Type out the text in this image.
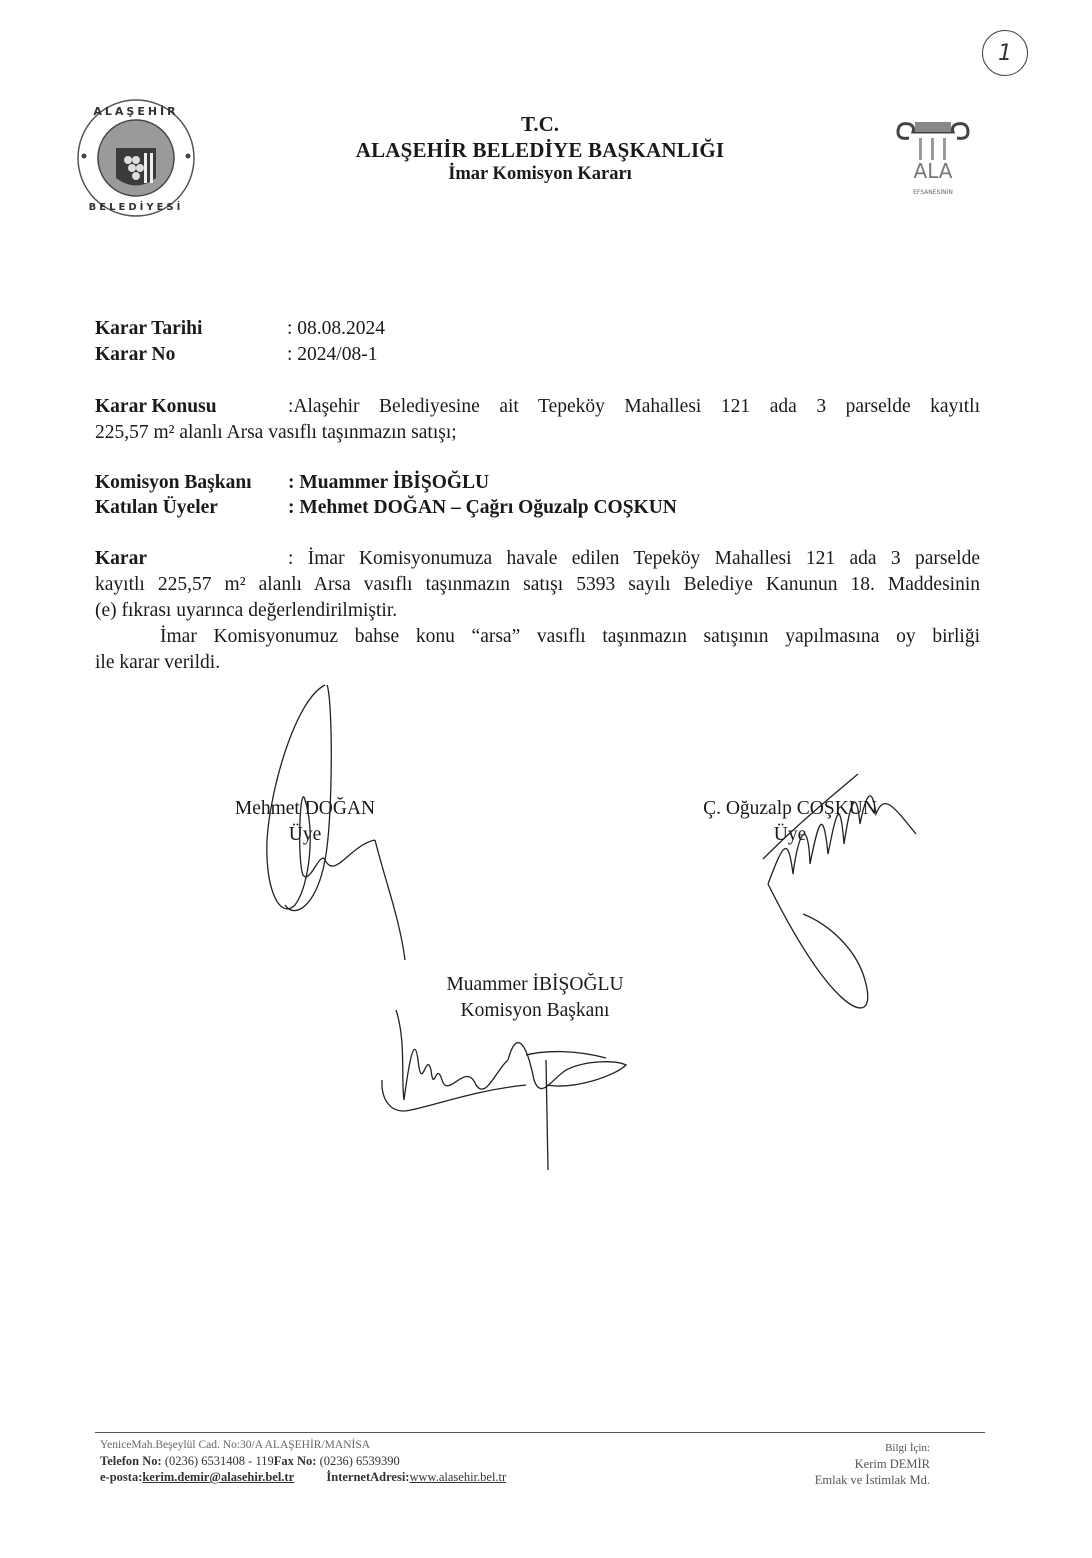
1
ALAŞEHİR
BELEDİYESİ
ALA
EFSANESİNİN
T.C.
ALAŞEHİR BELEDİYE BAŞKANLIĞI
İmar Komisyon Kararı
Karar Tarihi	: 08.08.2024
Karar No	: 2024/08-1
Karar Konusu	:Alaşehir Belediyesine ait Tepeköy Mahallesi 121 ada 3 parselde kayıtlı
225,57 m² alanlı Arsa vasıflı taşınmazın satışı;
Komisyon Başkanı : Muammer İBİŞOĞLU
Katılan Üyeler	: Mehmet DOĞAN – Çağrı Oğuzalp COŞKUN
Karar	: İmar Komisyonumuza havale edilen Tepeköy Mahallesi 121 ada 3 parselde
kayıtlı 225,57 m² alanlı Arsa vasıflı taşınmazın satışı 5393 sayılı Belediye Kanunun 18. Maddesinin
(e) fıkrası uyarınca değerlendirilmiştir.
İmar Komisyonumuz bahse konu “arsa” vasıflı taşınmazın satışının yapılmasına oy birliği
ile karar verildi.
Mehmet DOĞAN
Üye
Ç. Oğuzalp COŞKUN
Üye
Muammer İBİŞOĞLU
Komisyon Başkanı
YeniceMah.Beşeylül Cad. No:30/A ALAŞEHİR/MANİSA
Telefon No: (0236) 6531408 - 119Fax No: (0236) 6539390
e-posta:kerim.demir@alasehir.bel.tr	İnternetAdresi:www.alasehir.bel.tr
Bilgi İçin:
Kerim DEMİR
Emlak ve İstimlak Md.
